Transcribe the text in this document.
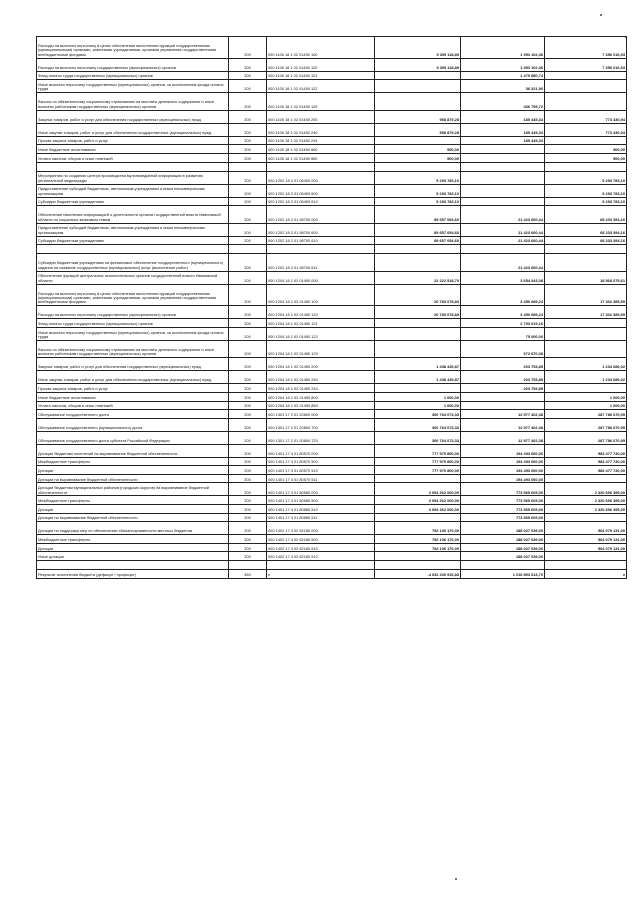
Расходы на выплаты персоналу в целях обеспечения выполнения функций государственными (муниципальными) органами, казенными учреждениями, органами управления государственными внебюджетными фондами	200	000 1105 18 1 02 01450 100	9 309 118,89	1 953 102,36	7 356 016,53
Расходы на выплаты персоналу государственных (муниципальных) органов	200	000 1105 18 1 02 01450 120	9 309 118,89	1 953 102,36	7 356 016,53
Фонд оплаты труда государственных (муниципальных) органов	200	000 1105 18 1 02 01450 121		1 479 880,74	
Иные выплаты персоналу государственных (муниципальных) органов, за исключением фонда оплаты труда	200	000 1105 18 1 02 01450 122		36 321,90	
Взносы по обязательному социальному страхованию на выплаты денежного содержания и иные выплаты работникам государственных (муниципальных) органов	200	000 1105 18 1 02 01450 129		436 799,72	
Закупка товаров, работ и услуг для обеспечения государственных (муниципальных) нужд	200	000 1105 18 1 02 01450 200	958 879,28	185 445,34	773 430,94
Иные закупки товаров, работ и услуг для обеспечения государственных (муниципальных) нужд	200	000 1105 18 1 02 01450 240	958 879,28	185 445,34	773 430,94
Прочая закупка товаров, работ и услуг	200	000 1105 18 1 02 01450 244		185 445,34	
Иные бюджетные ассигнования	200	000 1105 18 1 02 01450 800	500,00		500,00
Уплата налогов, сборов и иных платежей	200	000 1105 18 1 02 01450 850	500,00		500,00

Мероприятия по созданию центра производства мультимедийной информации в развитию региональной медиасреды	200	000 1202 18 2 01 06400 000	5 293 783,10		5 293 783,10
Предоставление субсидий бюджетным, автономным учреждениям и иным некоммерческим организациям	200	000 1202 18 2 01 06400 600	5 293 783,10		5 293 783,10
Субсидии бюджетным учреждениям	200	000 1202 18 2 01 06400 610	5 293 783,10		5 293 783,10
Обеспечение населения информацией о деятельности органов государственной власти Ивановской области по социально значимым темам	200	000 1202 18 2 01 98700 000	89 657 054,60	21 423 660,44	68 233 394,16
Предоставление субсидий бюджетным, автономным учреждениям и иным некоммерческим организациям	200	000 1202 18 2 01 98700 600	89 657 054,60	21 423 660,44	68 233 394,16
Субсидии бюджетным учреждениям	200	000 1202 18 2 01 98700 610	89 657 054,60	21 423 660,44	68 233 394,16

Субсидии бюджетным учреждениям на финансовое обеспечение государственного (муниципального) задания на оказание государственных (муниципальных) услуг (выполнение работ)	200	000 1202 18 2 01 98700 611		21 423 660,44	
Обеспечение функций центральных исполнительных органов государственной власти Ивановской области	200	000 1204 18 1 02 01450 000	22 222 518,70	3 654 443,08	18 568 075,61
Расходы на выплаты персоналу в целях обеспечения выполнения функций государственными (муниципальными) органами, казенными учреждениями, органами управления государственными внебюджетными фондами	200	000 1204 18 1 02 01450 100	20 783 078,83	3 450 689,24	17 332 389,59
Расходы на выплаты персоналу государственных (муниципальных) органов	200	000 1204 18 1 02 01450 120	20 783 078,83	3 450 689,24	17 332 389,59
Фонд оплаты труда государственных (муниципальных) органов	200	000 1204 18 1 02 01450 121		2 703 019,16	
Иные выплаты персоналу государственных (муниципальных) органов, за исключением фонда оплаты труда	200	000 1204 18 1 02 01450 122		75 000,00	
Взносы по обязательному социальному страхованию на выплаты денежного содержания и иные выплаты работникам государственных (муниципальных) органов	200	000 1204 18 1 02 01450 129		672 670,08	
Закупка товаров, работ и услуг для обеспечения государственных (муниципальных) нужд	200	000 1204 18 1 02 01450 200	1 438 439,87	203 753,85	1 234 686,02
Иные закупки товаров, работ и услуг для обеспечения государственных (муниципальных) нужд	200	000 1204 18 1 02 01450 240	1 438 439,87	203 753,85	1 234 686,02
Прочая закупка товаров, работ и услуг	200	000 1204 18 1 02 01450 244		203 753,85	
Иные бюджетные ассигнования	200	000 1204 18 1 02 01450 800	1 000,00		1 000,00
Уплата налогов, сборов и иных платежей	200	000 1204 18 1 02 01450 850	1 000,00		1 000,00
Обслуживание государственного долга	200	000 1301 17 2 01 20800 000	300 764 073,33	12 977 402,38	287 786 670,95
Обслуживание государственного (муниципального) долга	200	000 1301 17 2 01 20800 700	300 764 073,33	12 977 402,38	287 786 670,95
Обслуживание государственного долга субъекта Российской Федерации	200	000 1301 17 2 01 20800 720	300 764 073,33	12 977 402,38	287 786 670,95
Дотации бюджетам поселений на выравнивание бюджетной обеспеченности	200	000 1401 17 4 01 80570 000	777 970 800,00	194 493 060,00	583 477 740,00
Межбюджетные трансферты	200	000 1401 17 4 01 80570 500	777 970 800,00	194 493 060,00	583 477 740,00
Дотации	200	000 1401 17 4 01 80570 510	777 970 800,00	194 493 060,00	583 477 740,00
Дотации на выравнивание бюджетной обеспеченности	200	000 1401 17 4 01 80570 511		194 493 060,00	
Дотации бюджетам муниципальных районов (городских округов) на выравнивание бюджетной обеспеченности	200	000 1401 17 4 01 80580 000	3 094 262 000,00	773 565 605,00	2 320 696 395,00
Межбюджетные трансферты	200	000 1401 17 4 01 80580 500	3 094 262 000,00	773 565 605,00	2 320 696 395,00
Дотации	200	000 1401 17 4 01 80580 510	3 094 262 000,00	773 565 605,00	2 320 696 395,00
Дотации на выравнивание бюджетной обеспеченности	200	000 1401 17 4 01 80580 511		773 565 605,00	
Дотации на поддержку мер по обеспечению сбалансированности местных бюджетов	200	000 1402 17 4 02 82180 000	752 106 170,00	188 027 039,00	564 079 131,00
Межбюджетные трансферты	200	000 1402 17 4 02 82180 500	752 106 170,00	188 027 039,00	564 079 131,00
Дотации	200	000 1402 17 4 02 82180 510	752 106 170,00	188 027 039,00	564 079 131,00
Иные дотации	200	000 1402 17 4 02 82180 512		188 027 039,00	

Результат исполнения бюджета (дефицит / профицит)	450	x	-4 032 230 916,83	1 016 893 613,70	x
